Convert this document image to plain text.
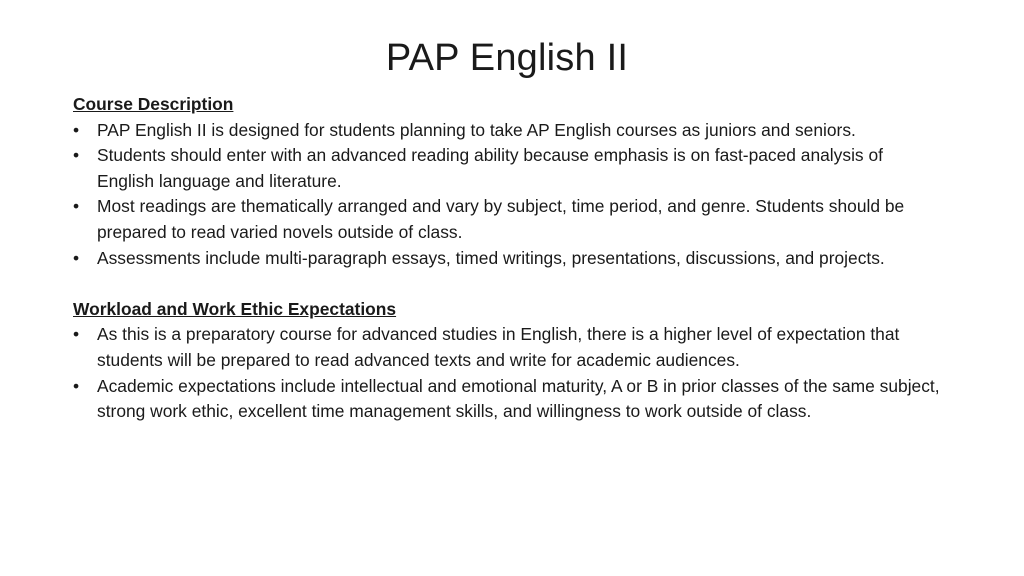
PAP English II
Course Description
• PAP English II is designed for students planning to take AP English courses as juniors and seniors.
• Students should enter with an advanced reading ability because emphasis is on fast-paced analysis of English language and literature.
• Most readings are thematically arranged and vary by subject, time period, and genre. Students should be prepared to read varied novels outside of class.
• Assessments include multi-paragraph essays, timed writings, presentations, discussions, and projects.
Workload and Work Ethic Expectations
• As this is a preparatory course for advanced studies in English, there is a higher level of expectation that students will be prepared to read advanced texts and write for academic audiences.
• Academic expectations include intellectual and emotional maturity, A or B in prior classes of the same subject, strong work ethic, excellent time management skills, and willingness to work outside of class.
